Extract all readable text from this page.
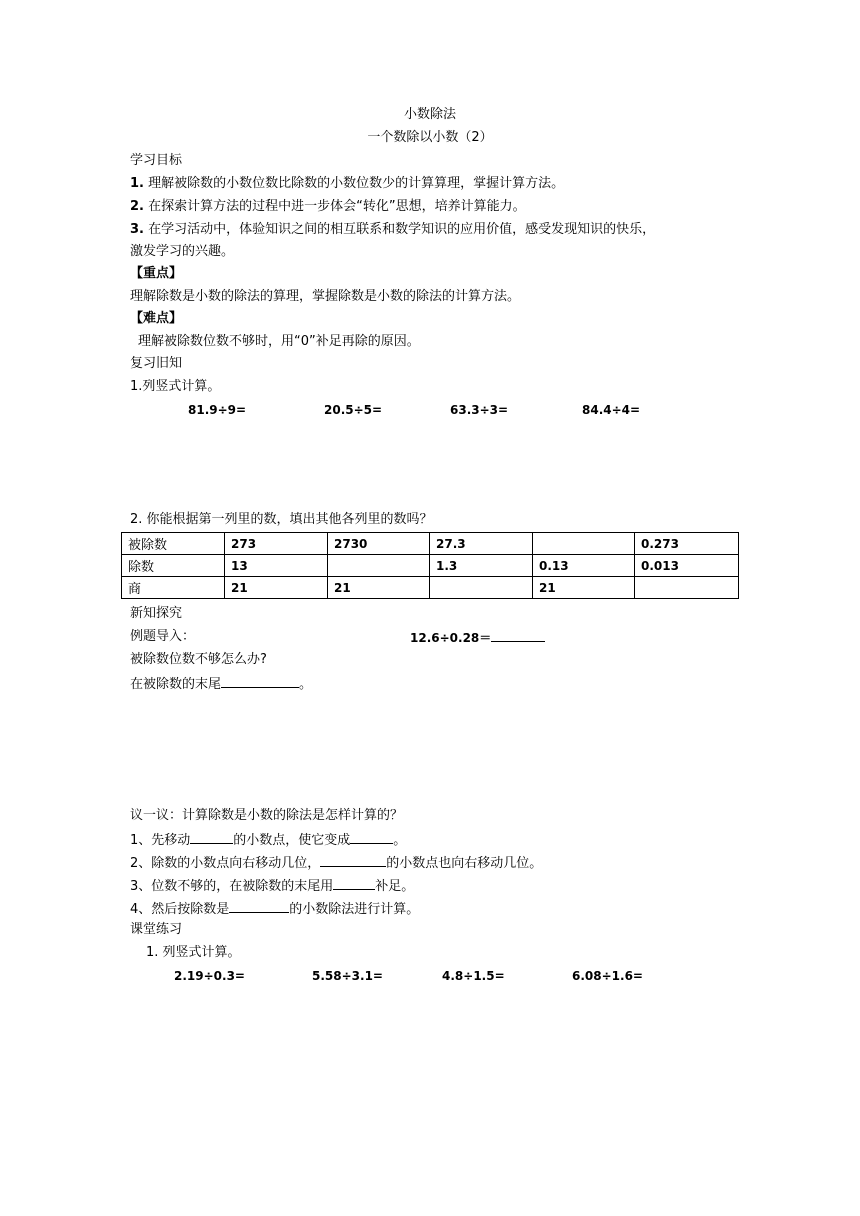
小数除法
一个数除以小数（2）
学习目标
1. 理解被除数的小数位数比除数的小数位数少的计算算理，掌握计算方法。
2. 在探索计算方法的过程中进一步体会“转化”思想，培养计算能力。
3. 在学习活动中，体验知识之间的相互联系和数学知识的应用价值，感受发现知识的快乐，
激发学习的兴趣。
【重点】
理解除数是小数的除法的算理，掌握除数是小数的除法的计算方法。
【难点】
理解被除数位数不够时，用“0”补足再除的原因。
复习旧知
1.列竖式计算。
81.9÷9=	20.5÷5=	63.3÷3=	84.4÷4=
2. 你能根据第一列里的数，填出其他各列里的数吗？
被除数	273	2730	27.3		0.273
除数	13		1.3	0.13	0.013
商	21	21		21	
新知探究
例题导入：	12.6÷0.28＝
被除数位数不够怎么办?
在被除数的末尾	。
议一议：计算除数是小数的除法是怎样计算的？
1、先移动	的小数点，使它变成	。
2、除数的小数点向右移动几位，	的小数点也向右移动几位。
3、位数不够的，在被除数的末尾用	补足。
4、然后按除数是	的小数除法进行计算。
课堂练习
1. 列竖式计算。
2.19÷0.3=	5.58÷3.1=	4.8÷1.5=	6.08÷1.6=
